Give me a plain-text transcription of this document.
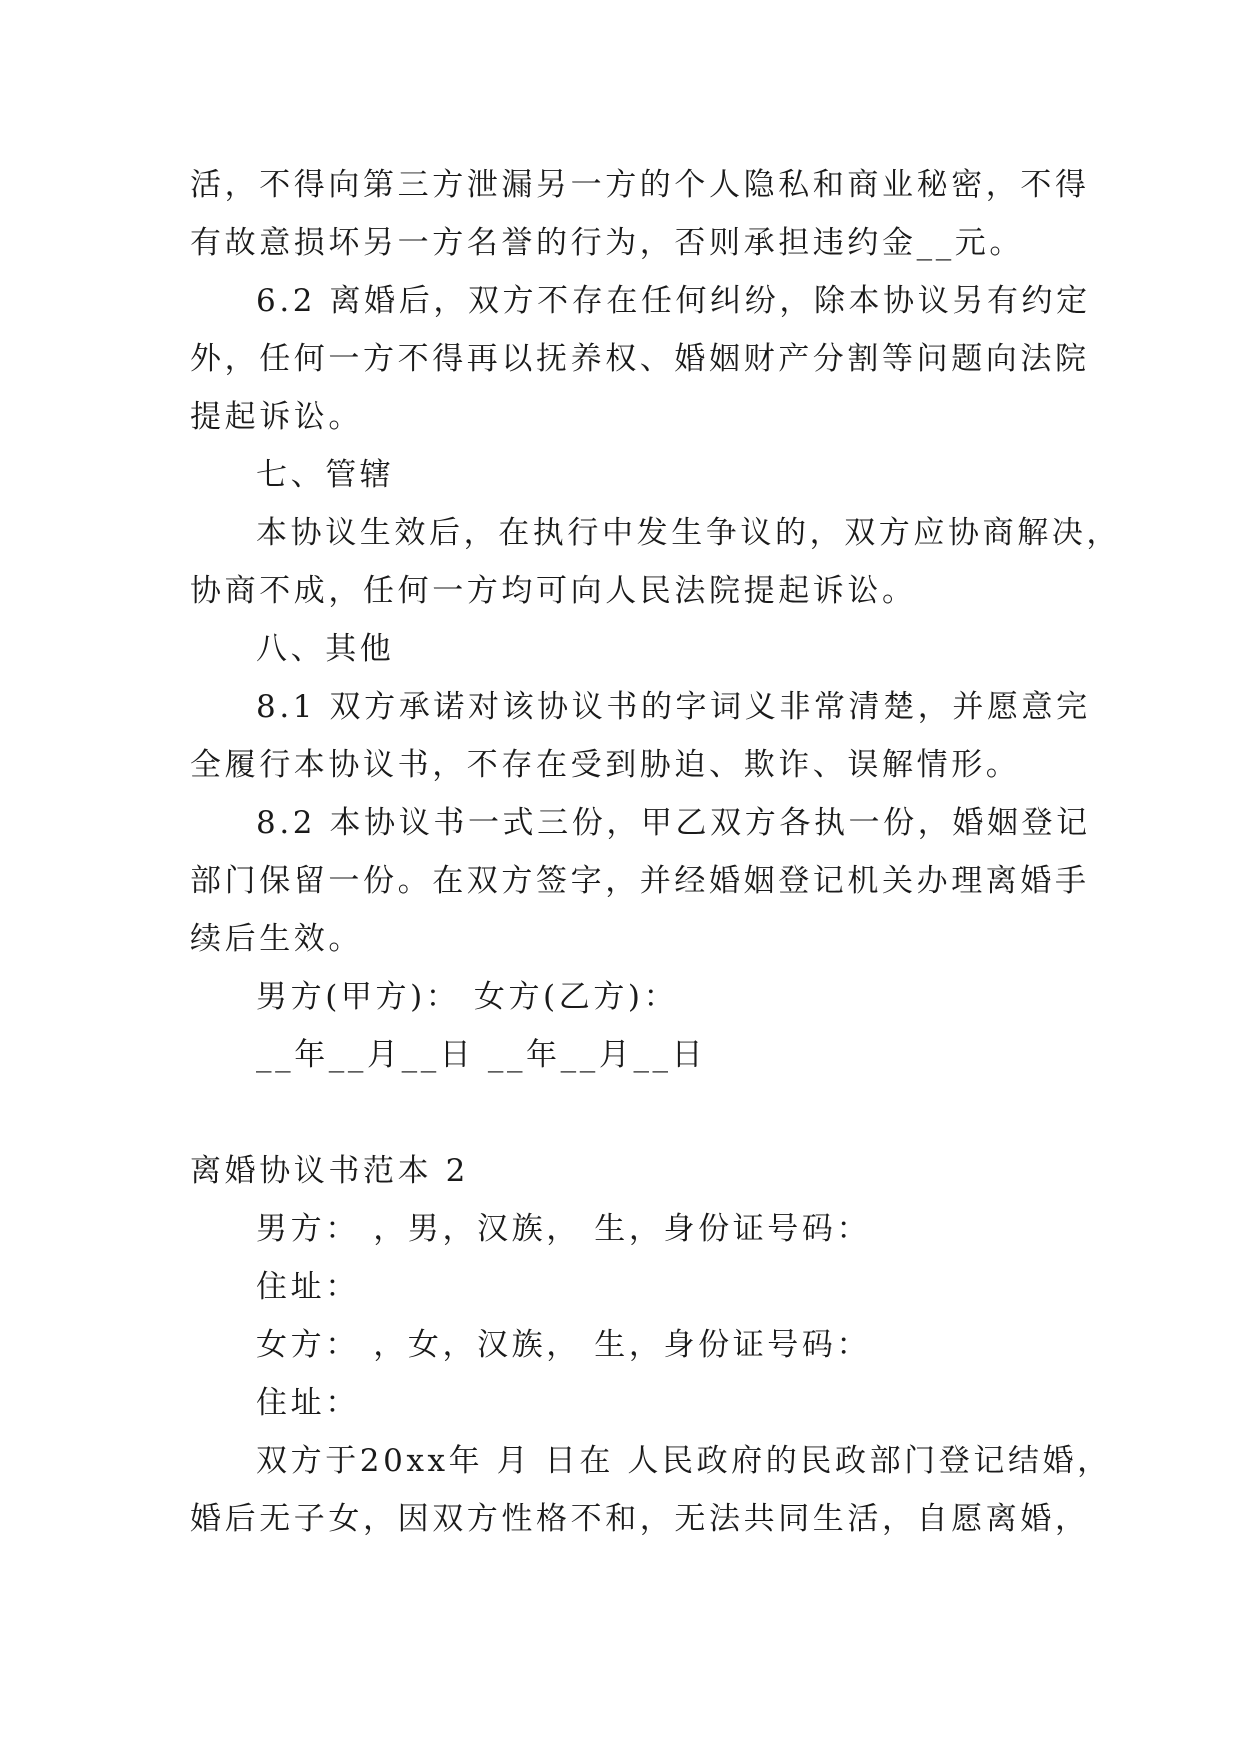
活，不得向第三方泄漏另一方的个人隐私和商业秘密，不得
有故意损坏另一方名誉的行为，否则承担违约金__元。
6.2 离婚后，双方不存在任何纠纷，除本协议另有约定
外，任何一方不得再以抚养权、婚姻财产分割等问题向法院
提起诉讼。
七、管辖
本协议生效后，在执行中发生争议的，双方应协商解决，
协商不成，任何一方均可向人民法院提起诉讼。
八、其他
8.1 双方承诺对该协议书的字词义非常清楚，并愿意完
全履行本协议书，不存在受到胁迫、欺诈、误解情形。
8.2 本协议书一式三份，甲乙双方各执一份，婚姻登记
部门保留一份。在双方签字，并经婚姻登记机关办理离婚手
续后生效。
男方(甲方)： 女方(乙方)：
__年__月__日 __年__月__日
离婚协议书范本 2
男方： ，男，汉族， 生，身份证号码：
住址：
女方： ，女，汉族， 生，身份证号码：
住址：
双方于20xx年 月 日在 人民政府的民政部门登记结婚，
婚后无子女，因双方性格不和，无法共同生活，自愿离婚，
